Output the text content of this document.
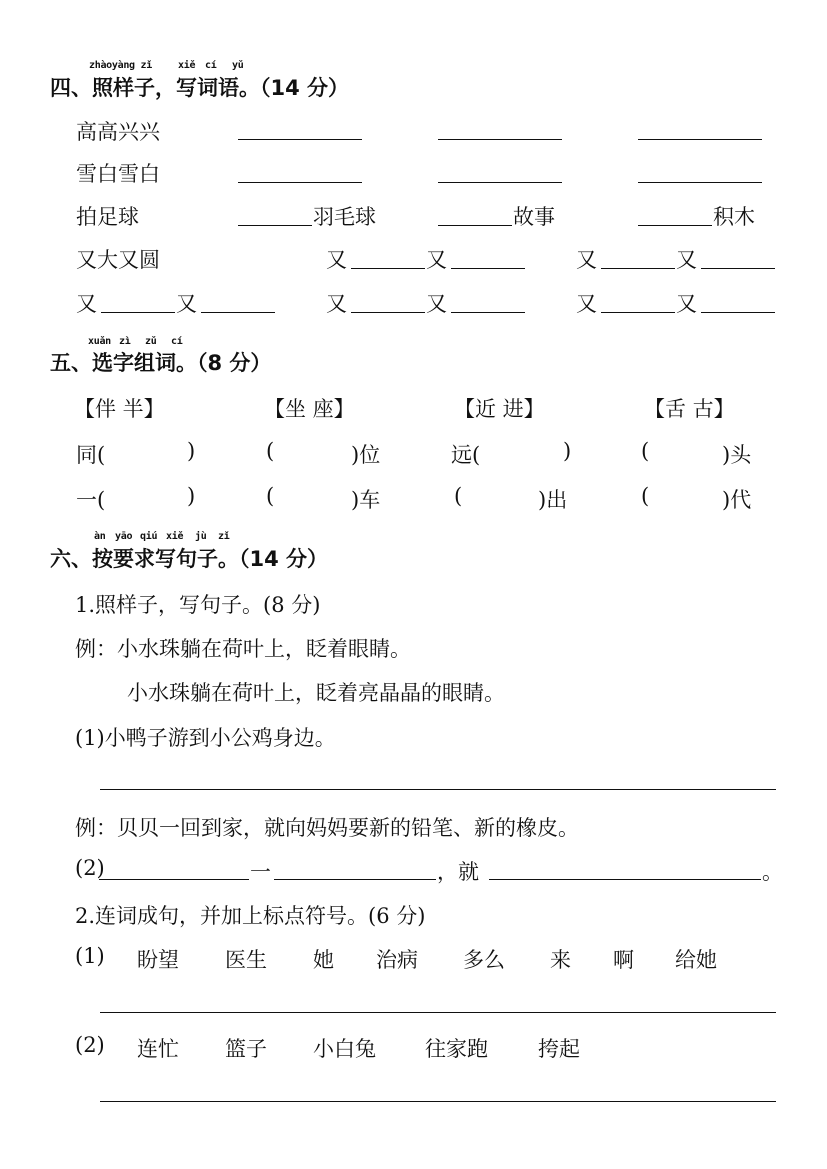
zhàoyàng zǐ	xiě cí yǔ
四、照样子，写词语。（14 分）
高高兴兴
雪白雪白
拍足球	羽毛球	故事	积木
又大又圆	又	又	又	又
又	又	又	又	又	又
xuǎn zì zǔ cí
五、选字组词。（8 分）
【伴 半】	【坐 座】	【近 进】	【舌 古】
同(	)	(	)位	远(	)	(	)头
一(	)	(	)车	(	)出	(	)代
àn yāo qiú xiě jù zǐ
六、按要求写句子。（14 分）
1.照样子，写句子。(8 分)
例：小水珠躺在荷叶上，眨着眼睛。
小水珠躺在荷叶上，眨着亮晶晶的眼睛。
(1)小鸭子游到小公鸡身边。
例：贝贝一回到家，就向妈妈要新的铅笔、新的橡皮。
(2)	一	，就	。
2.连词成句，并加上标点符号。(6 分)
(1) 盼望 医生 她 治病 多么 来 啊 给她
(2) 连忙 篮子 小白兔 往家跑 挎起
